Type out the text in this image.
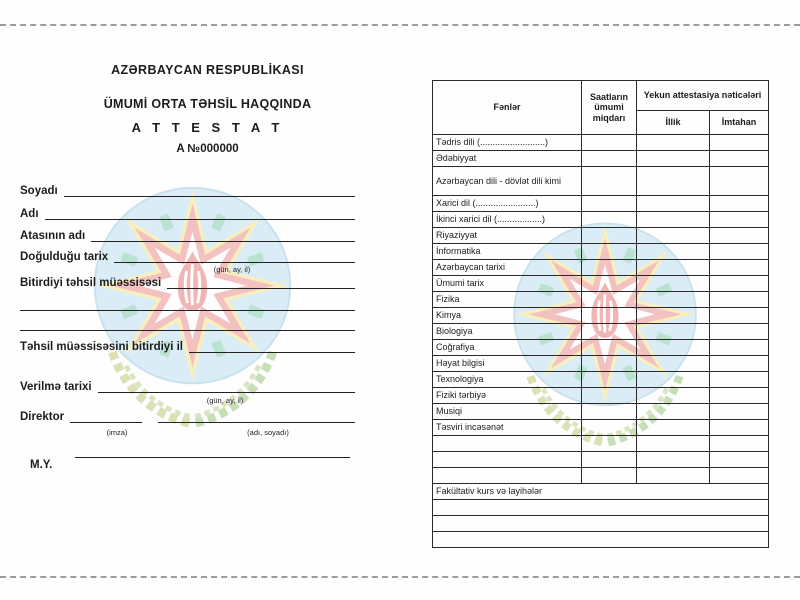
AZƏRBAYCAN RESPUBLİKASI
ÜMUMİ ORTA TƏHSİL HAQQINDA
A T T E S T A T
A №000000
Soyadı
Adı
Atasının adı
Doğulduğu tarix
(gün, ay, il)
Bitirdiyi təhsil müəssisəsi
Təhsil müəssisəsini bitirdiyi il
Verilmə tarixi
(gün, ay, il)
Direktor
(imza)	(adı, soyadı)
M.Y.
Fənlər	Saatların ümumi miqdarı	Yekun attestasiya nəticələri	
		İllik	İmtahan
Tədris dili (..........................)			
Ədəbiyyat			
Azərbaycan dili - dövlət dili kimi			
Xarici dil (........................)			
İkinci xarici dil (..................)			
Riyaziyyat			
İnformatika			
Azərbaycan tarixi			
Ümumi tarix			
Fizika			
Kimya			
Biologiya			
Coğrafiya			
Həyat bilgisi			
Texnologiya			
Fiziki tərbiyə			
Musiqi			
Təsviri incəsənət			

Fakültativ kurs və layihələr			
